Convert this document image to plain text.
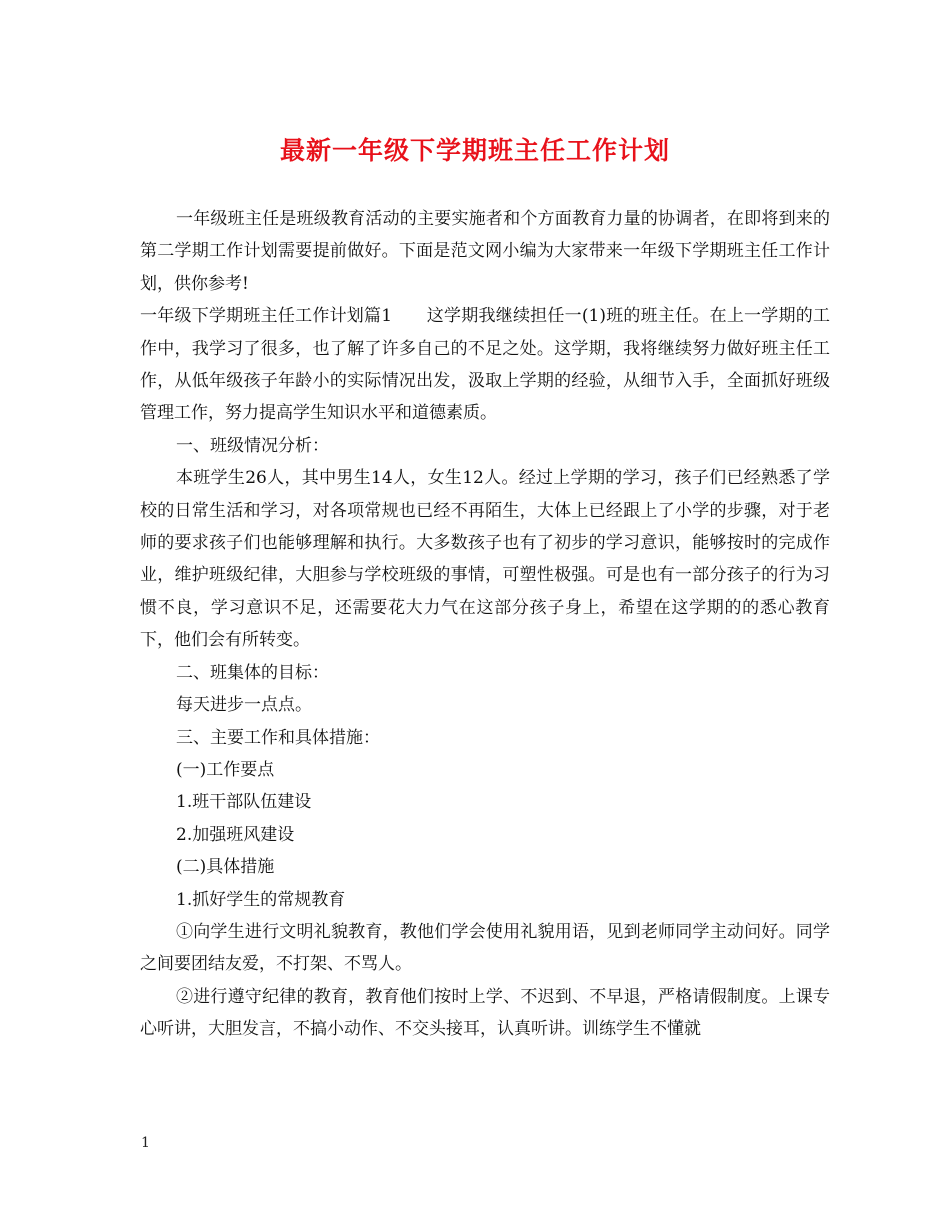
最新一年级下学期班主任工作计划

一年级班主任是班级教育活动的主要实施者和个方面教育力量的协调者，在即将到来的第二学期工作计划需要提前做好。下面是范文网小编为大家带来一年级下学期班主任工作计划，供你参考!

一年级下学期班主任工作计划篇1　　这学期我继续担任一(1)班的班主任。在上一学期的工作中，我学习了很多，也了解了许多自己的不足之处。这学期，我将继续努力做好班主任工作，从低年级孩子年龄小的实际情况出发，汲取上学期的经验，从细节入手，全面抓好班级管理工作，努力提高学生知识水平和道德素质。

一、班级情况分析：

本班学生26人，其中男生14人，女生12人。经过上学期的学习，孩子们已经熟悉了学校的日常生活和学习，对各项常规也已经不再陌生，大体上已经跟上了小学的步骤，对于老师的要求孩子们也能够理解和执行。大多数孩子也有了初步的学习意识，能够按时的完成作业，维护班级纪律，大胆参与学校班级的事情，可塑性极强。可是也有一部分孩子的行为习惯不良，学习意识不足，还需要花大力气在这部分孩子身上，希望在这学期的的悉心教育下，他们会有所转变。

二、班集体的目标：

每天进步一点点。

三、主要工作和具体措施：

(一)工作要点

1.班干部队伍建设

2.加强班风建设

(二)具体措施

1.抓好学生的常规教育

①向学生进行文明礼貌教育，教他们学会使用礼貌用语，见到老师同学主动问好。同学之间要团结友爱，不打架、不骂人。

②进行遵守纪律的教育，教育他们按时上学、不迟到、不早退，严格请假制度。上课专心听讲，大胆发言，不搞小动作、不交头接耳，认真听讲。训练学生不懂就

1
